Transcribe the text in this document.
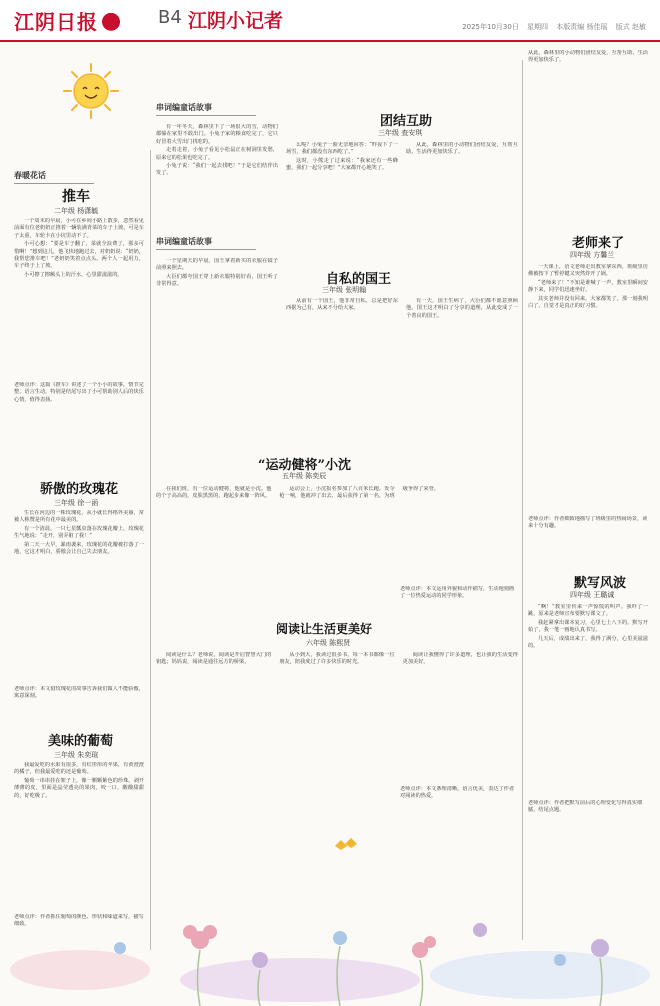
江阴日报	B4 江阴小记者	2025年10月30日 星期四 本版责编 杨佳瑶 版式 赵敏
春暖花话
推车
二年级 杨潇毓

一个周末的早晨，小可在乡间小路上散步，忽然看见前面有位老奶奶正推着一辆装满青菜的车子上坡，可是车子太重，车轮卡在小坑里动不了。

小可心想：“要是车子翻了，菜就全浪费了，那多可惜啊！”想到这儿，他飞快地跑过去，对奶奶说：“奶奶，我帮您推车吧！”老奶奶笑着点点头。两个人一起用力，车子终于上了坡。

小可擦了擦额头上的汗水，心里甜滋滋的。

老师点评：这篇《推车》讲述了一个小小的故事，情节完整，语言生动，特别是结尾写出了小可帮助别人后的快乐心情，值得表扬。
骄傲的玫瑰花
三年级 徐一函

生长在河边的一株玫瑰花，从小就长得格外美丽，常被人称赞是所有花中最美的。

有一个清晨，一只七星瓢虫落在玫瑰花瓣上，玫瑰花生气地说：“走开，别弄脏了我！”

第二天一大早，暴雨袭来，玫瑰花的花瓣被打落了一地，它这才明白，骄傲会让自己失去朋友。

老师点评：本文借玫瑰花的故事告诉我们做人不能骄傲，寓意深刻。
美味的葡萄
三年级 朱奕瑄

我最爱吃的水果有很多，有红彤彤的苹果，有黄澄澄的橘子，但我最爱吃的还是葡萄。

葡萄一串串挂在架子上，像一颗颗紫色的珍珠。剥开薄薄的皮，里面是晶莹透亮的果肉，咬一口，酸酸甜甜的，好吃极了。

老师点评：作者抓住葡萄的颜色、形状和味道来写，描写细致。
串词编童话故事

有一年冬天，森林里下了一场很大的雪，动物们都躲在家里不敢出门。小兔子家的粮食吃完了，它只好冒着大雪出门找吃的。

走着走着，小兔子看见小松鼠正在树洞里发愁，原来它的松果也吃完了。

小兔子说：“我们一起去找吧！”于是它们结伴出发了。

团结互助
三年级 查安琪

么呢？小兔子一脸无奈地回答：“昨夜下了一场雪，我们都没有东西吃了。”

这时，小熊走了过来说：“我家还有一些蜂蜜，我们一起分享吧！”大家都开心地笑了。

从此，森林里的小动物们团结友爱，互帮互助，生活得更加快乐了。

串词编童话故事

一个星期天的早晨，国王拿着新买的衣服在镜子前照来照去。

大臣们都夸国王穿上新衣服特别好看，国王听了非常得意。	自私的国王
三年级 张明翰

从前有一个国王，他非常自私，总是把好东西据为己有，从来不分给大家。

有一天，国王生病了，大臣们都不愿意照顾他。国王这才明白了分享的道理，从此变成了一个善良的国王。

“运动健将”小沈
五年级 陈奕辰

在我们班，有一位运动健将，他就是小沈。他的个子高高的，皮肤黑黑的，跑起步来像一阵风。

运动会上，小沈报名参加了八百米长跑。发令枪一响，他就冲了出去，最后获得了第一名，为班级争得了荣誉。

老师点评：本文运用外貌和动作描写，生动地刻画了一位热爱运动的同学形象。
阅读让生活更美好
六年级 陈熙贤

阅读是什么？老师说，阅读是开启智慧大门的钥匙；妈妈说，阅读是通往远方的桥梁。

从小到大，我读过很多书，每一本书都像一位朋友，陪我度过了许多快乐的时光。

阅读让我懂得了许多道理，也让我的生活变得更加美好。

老师点评：本文条理清晰，语言优美，表达了作者对阅读的热爱。
从此，森林里的小动物们团结友爱，互帮互助，生活得更加快乐了。
老师来了
四年级 方馨兰

一天课上，语文老师走出教室拿东西，班级里仿佛被按下了暂停键又突然炸开了锅。

“老师来了！”不知是谁喊了一声，教室里瞬间安静下来，同学们迅速坐好。

其实老师并没有回来，大家都笑了。那一刻我明白了，自觉才是真正的好习惯。

老师点评：作者细致地描写了班级里的热闹场景，读来十分有趣。
默写风波
四年级 王璐诚

“啊！”教室里传来一声惊慌的叫声。我吓了一跳，原来是老师宣布要默写课文了。

我赶紧拿出课本复习，心里七上八下的。默写开始了，我一笔一画地认真书写。

几天后，成绩出来了，我得了满分，心里美滋滋的。

老师点评：作者把默写前后的心理变化写得真实细腻，结尾点题。
